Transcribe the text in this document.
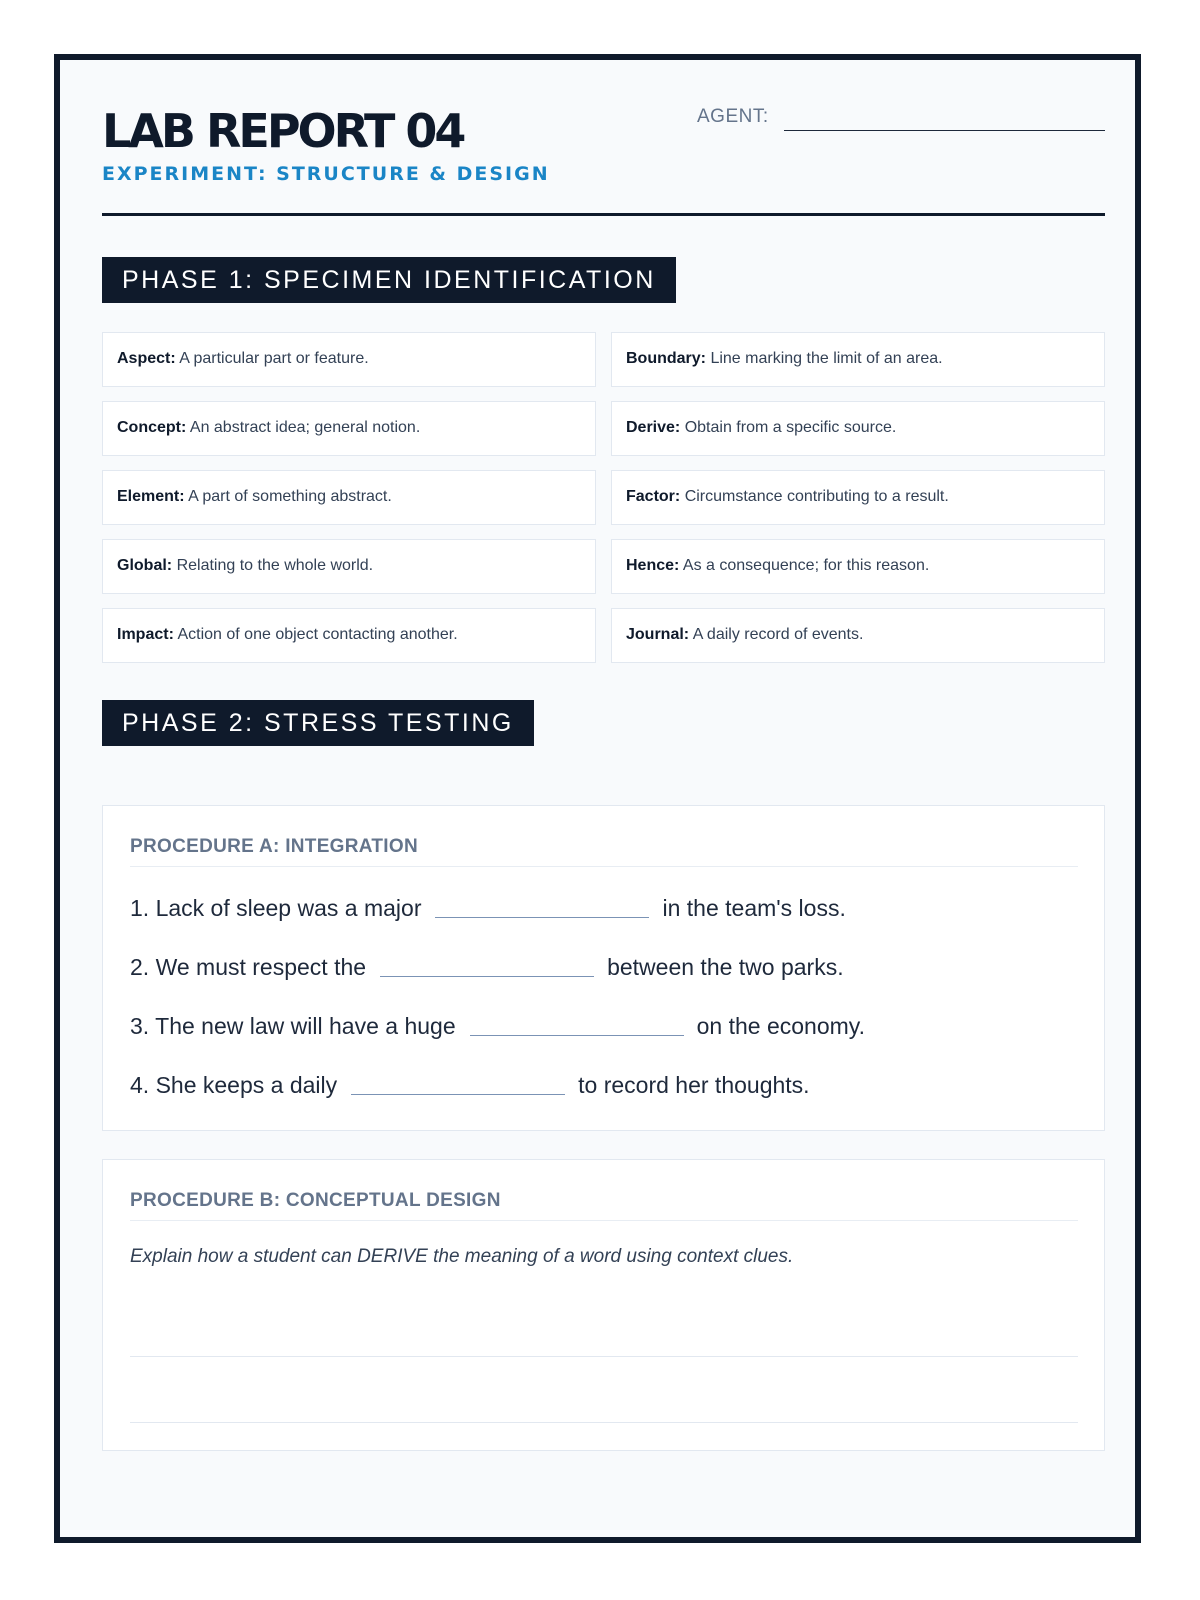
LAB REPORT 04
EXPERIMENT: STRUCTURE & DESIGN
AGENT:
PHASE 1: SPECIMEN IDENTIFICATION
Aspect: A particular part or feature.	Boundary: Line marking the limit of an area.
Concept: An abstract idea; general notion.	Derive: Obtain from a specific source.
Element: A part of something abstract.	Factor: Circumstance contributing to a result.
Global: Relating to the whole world.	Hence: As a consequence; for this reason.
Impact: Action of one object contacting another.	Journal: A daily record of events.
PHASE 2: STRESS TESTING
PROCEDURE A: INTEGRATION
1. Lack of sleep was a major	in the team's loss.
2. We must respect the	between the two parks.
3. The new law will have a huge	on the economy.
4. She keeps a daily	to record her thoughts.
PROCEDURE B: CONCEPTUAL DESIGN
Explain how a student can DERIVE the meaning of a word using context clues.
